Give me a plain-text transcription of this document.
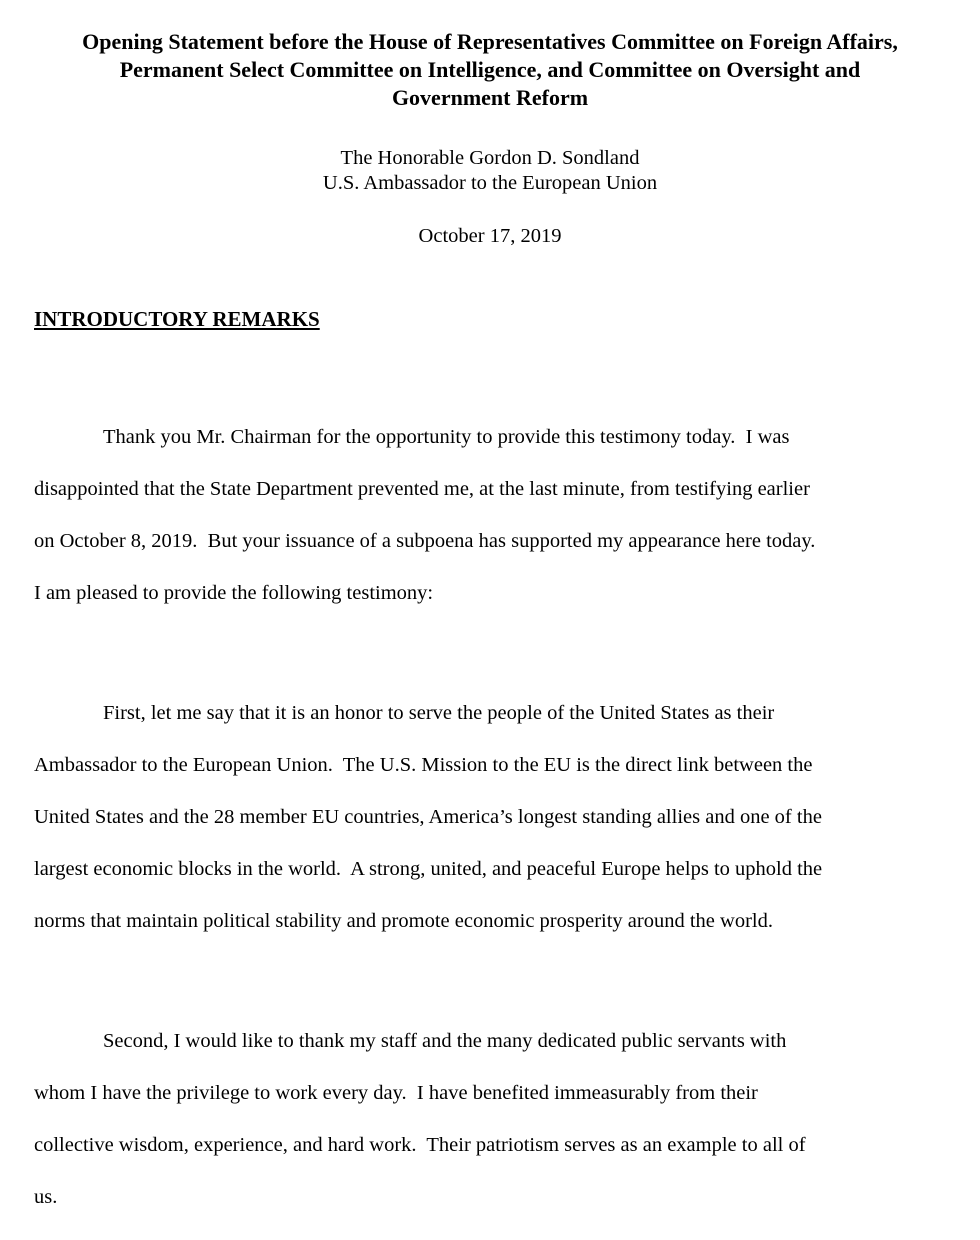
Opening Statement before the House of Representatives Committee on Foreign Affairs,
Permanent Select Committee on Intelligence, and Committee on Oversight and
Government Reform
The Honorable Gordon D. Sondland
U.S. Ambassador to the European Union
October 17, 2019
INTRODUCTORY REMARKS
Thank you Mr. Chairman for the opportunity to provide this testimony today.  I was
disappointed that the State Department prevented me, at the last minute, from testifying earlier
on October 8, 2019.  But your issuance of a subpoena has supported my appearance here today.
I am pleased to provide the following testimony:
First, let me say that it is an honor to serve the people of the United States as their
Ambassador to the European Union.  The U.S. Mission to the EU is the direct link between the
United States and the 28 member EU countries, America’s longest standing allies and one of the
largest economic blocks in the world.  A strong, united, and peaceful Europe helps to uphold the
norms that maintain political stability and promote economic prosperity around the world.
Second, I would like to thank my staff and the many dedicated public servants with
whom I have the privilege to work every day.  I have benefited immeasurably from their
collective wisdom, experience, and hard work.  Their patriotism serves as an example to all of
us.
